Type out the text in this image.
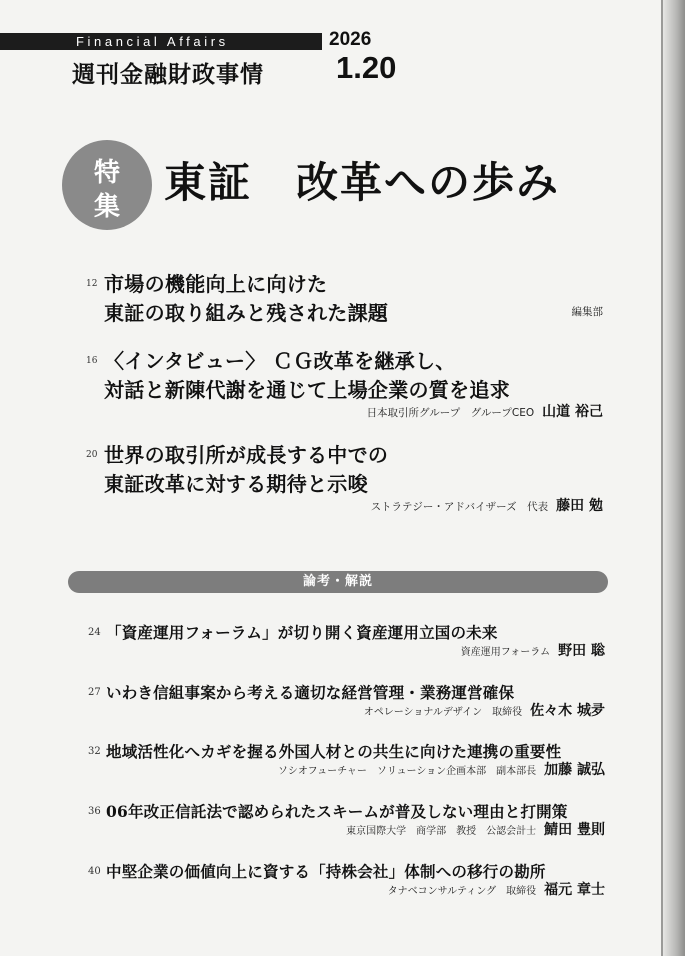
Financial Affairs	2026
週刊金融財政事情 1.20
特
集	東証　改革への歩み
12 市場の機能向上に向けた
東証の取り組みと残された課題	編集部
16 〈インタビュー〉 ＣＧ改革を継承し、
対話と新陳代謝を通じて上場企業の質を追求
日本取引所グループ　グループCEO 山道 裕己
20 世界の取引所が成長する中での
東証改革に対する期待と示唆
ストラテジー・アドバイザーズ　代表 藤田 勉
論考・解説
24 「資産運用フォーラム」が切り開く資産運用立国の未来
資産運用フォーラム 野田 聡
27 いわき信組事案から考える適切な経営管理・業務運営確保
オペレーショナルデザイン　取締役 佐々木 城夛
32 地域活性化へカギを握る外国人材との共生に向けた連携の重要性
ソシオフューチャー　ソリューション企画本部　副本部長 加藤 誠弘
36 06年改正信託法で認められたスキームが普及しない理由と打開策
東京国際大学　商学部　教授　公認会計士 鯖田 豊則
40 中堅企業の価値向上に資する「持株会社」体制への移行の勘所
タナベコンサルティング　取締役 福元 章士
